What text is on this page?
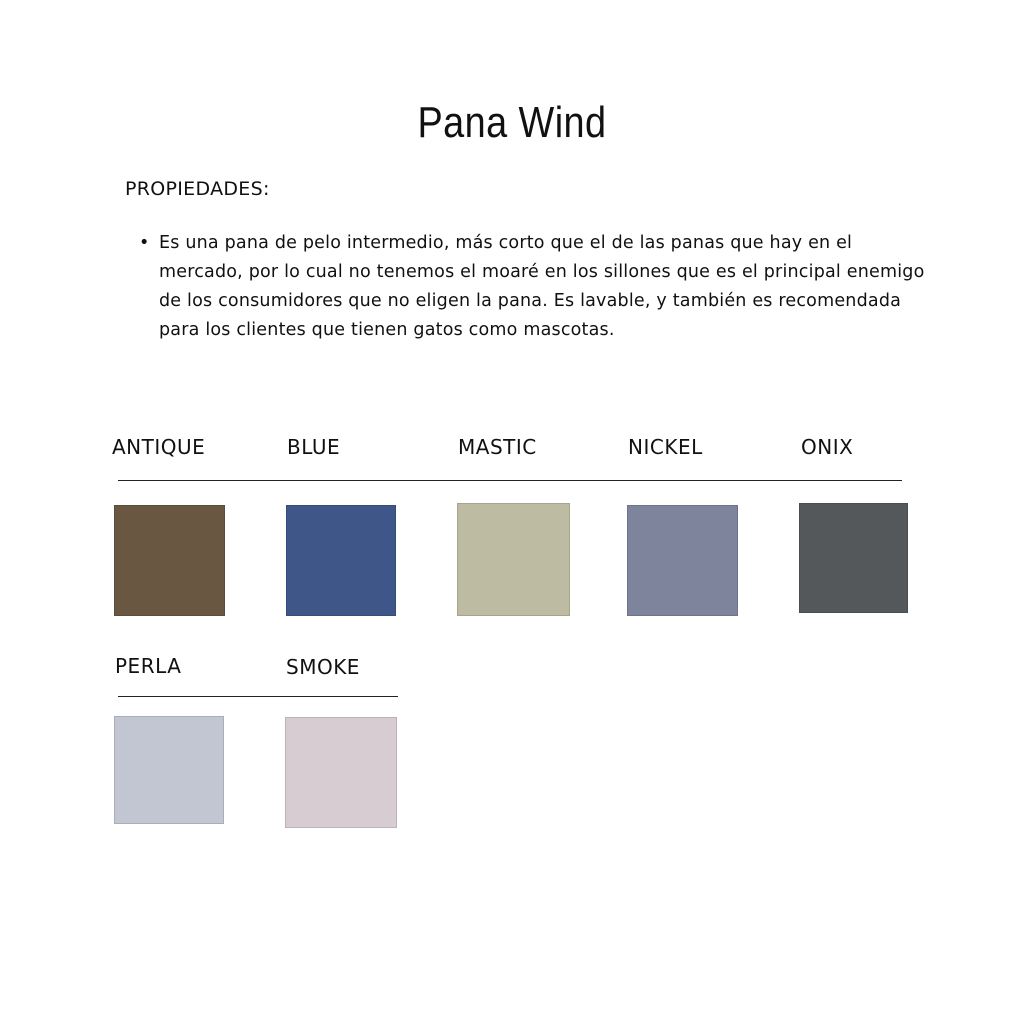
Pana Wind
PROPIEDADES:
• Es una pana de pelo intermedio, más corto que el de las panas que hay en el mercado, por lo cual no tenemos el moaré en los sillones que es el principal enemigo de los consumidores que no eligen la pana. Es lavable, y también es recomendada para los clientes que tienen gatos como mascotas.
ANTIQUE	BLUE	MASTIC	NICKEL	ONIX
PERLA	SMOKE
